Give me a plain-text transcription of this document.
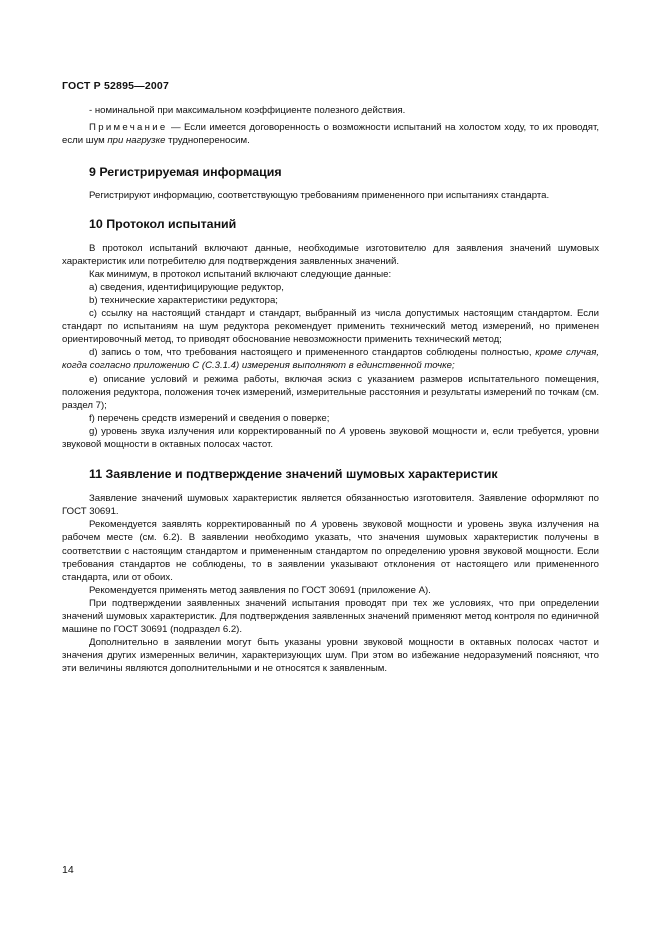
ГОСТ Р 52895—2007

- номинальной при максимальном коэффициенте полезного действия.

Примечание — Если имеется договоренность о возможности испытаний на холостом ходу, то их проводят, если шум при нагрузке труднопереносим.

9 Регистрируемая информация

Регистрируют информацию, соответствующую требованиям примененного при испытаниях стандарта.

10 Протокол испытаний

В протокол испытаний включают данные, необходимые изготовителю для заявления значений шумовых характеристик или потребителю для подтверждения заявленных значений.

Как минимум, в протокол испытаний включают следующие данные:

а) сведения, идентифицирующие редуктор,

b) технические характеристики редуктора;

с) ссылку на настоящий стандарт и стандарт, выбранный из числа допустимых настоящим стандартом. Если стандарт по испытаниям на шум редуктора рекомендует применить технический метод измерений, но применен ориентировочный метод, то приводят обоснование невозможности применить технический метод;

d) запись о том, что требования настоящего и примененного стандартов соблюдены полностью, кроме случая, когда согласно приложению С (С.3.1.4) измерения выполняют в единственной точке;

е) описание условий и режима работы, включая эскиз с указанием размеров испытательного помещения, положения редуктора, положения точек измерений, измерительные расстояния и результаты измерений по точкам (см. раздел 7);

f) перечень средств измерений и сведения о поверке;

g) уровень звука излучения или корректированный по А уровень звуковой мощности и, если требуется, уровни звуковой мощности в октавных полосах частот.

11 Заявление и подтверждение значений шумовых характеристик

Заявление значений шумовых характеристик является обязанностью изготовителя. Заявление оформляют по ГОСТ 30691.

Рекомендуется заявлять корректированный по А уровень звуковой мощности и уровень звука излучения на рабочем месте (см. 6.2). В заявлении необходимо указать, что значения шумовых характеристик получены в соответствии с настоящим стандартом и примененным стандартом по определению уровня звуковой мощности. Если требования стандартов не соблюдены, то в заявлении указывают отклонения от настоящего или примененного стандарта, или от обоих.

Рекомендуется применять метод заявления по ГОСТ 30691 (приложение А).

При подтверждении заявленных значений испытания проводят при тех же условиях, что при определении значений шумовых характеристик. Для подтверждения заявленных значений применяют метод контроля по единичной машине по ГОСТ 30691 (подраздел 6.2).

Дополнительно в заявлении могут быть указаны уровни звуковой мощности в октавных полосах частот и значения других измеренных величин, характеризующих шум. При этом во избежание недоразумений поясняют, что эти величины являются дополнительными и не относятся к заявленным.

14
